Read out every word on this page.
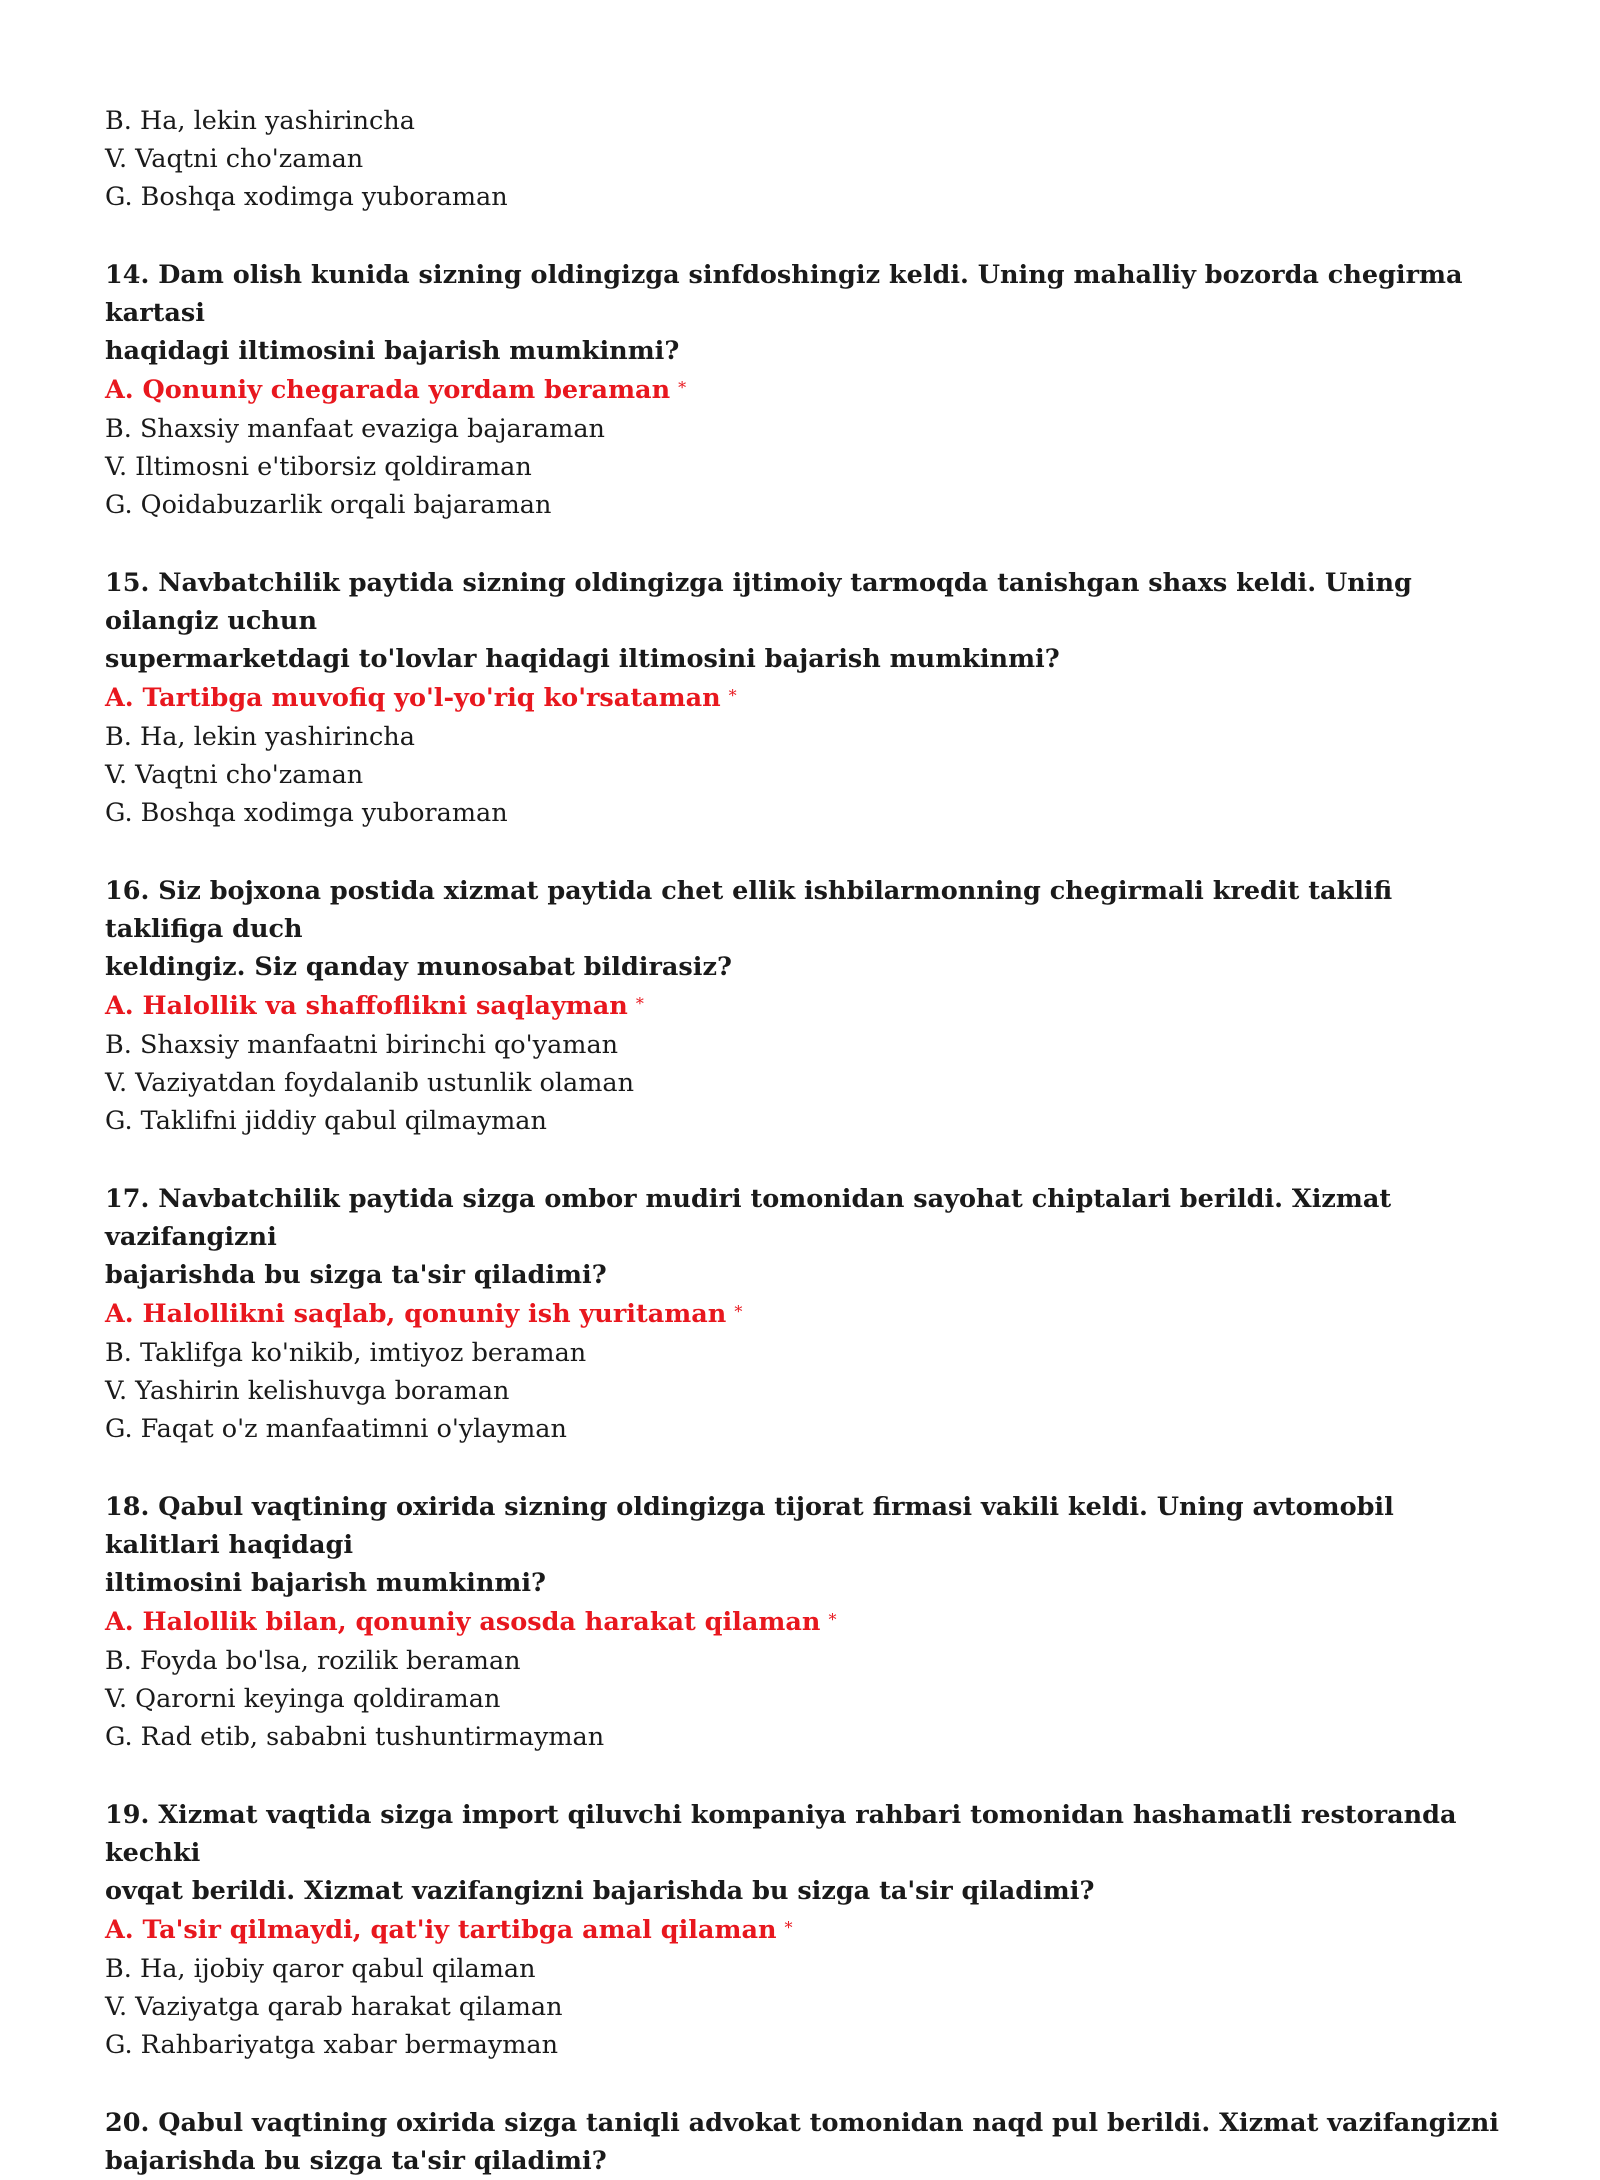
B. Ha, lekin yashirincha
V. Vaqtni cho'zaman
G. Boshqa xodimga yuboraman
14. Dam olish kunida sizning oldingizga sinfdoshingiz keldi. Uning mahalliy bozorda chegirma kartasi
haqidagi iltimosini bajarish mumkinmi?
A. Qonuniy chegarada yordam beraman *
B. Shaxsiy manfaat evaziga bajaraman
V. Iltimosni e'tiborsiz qoldiraman
G. Qoidabuzarlik orqali bajaraman
15. Navbatchilik paytida sizning oldingizga ijtimoiy tarmoqda tanishgan shaxs keldi. Uning oilangiz uchun
supermarketdagi to'lovlar haqidagi iltimosini bajarish mumkinmi?
A. Tartibga muvofiq yo'l-yo'riq ko'rsataman *
B. Ha, lekin yashirincha
V. Vaqtni cho'zaman
G. Boshqa xodimga yuboraman
16. Siz bojxona postida xizmat paytida chet ellik ishbilarmonning chegirmali kredit taklifi taklifiga duch
keldingiz. Siz qanday munosabat bildirasiz?
A. Halollik va shaffoflikni saqlayman *
B. Shaxsiy manfaatni birinchi qo'yaman
V. Vaziyatdan foydalanib ustunlik olaman
G. Taklifni jiddiy qabul qilmayman
17. Navbatchilik paytida sizga ombor mudiri tomonidan sayohat chiptalari berildi. Xizmat vazifangizni
bajarishda bu sizga ta'sir qiladimi?
A. Halollikni saqlab, qonuniy ish yuritaman *
B. Taklifga ko'nikib, imtiyoz beraman
V. Yashirin kelishuvga boraman
G. Faqat o'z manfaatimni o'ylayman
18. Qabul vaqtining oxirida sizning oldingizga tijorat firmasi vakili keldi. Uning avtomobil kalitlari haqidagi
iltimosini bajarish mumkinmi?
A. Halollik bilan, qonuniy asosda harakat qilaman *
B. Foyda bo'lsa, rozilik beraman
V. Qarorni keyinga qoldiraman
G. Rad etib, sababni tushuntirmayman
19. Xizmat vaqtida sizga import qiluvchi kompaniya rahbari tomonidan hashamatli restoranda kechki
ovqat berildi. Xizmat vazifangizni bajarishda bu sizga ta'sir qiladimi?
A. Ta'sir qilmaydi, qat'iy tartibga amal qilaman *
B. Ha, ijobiy qaror qabul qilaman
V. Vaziyatga qarab harakat qilaman
G. Rahbariyatga xabar bermayman
20. Qabul vaqtining oxirida sizga taniqli advokat tomonidan naqd pul berildi. Xizmat vazifangizni
bajarishda bu sizga ta'sir qiladimi?
